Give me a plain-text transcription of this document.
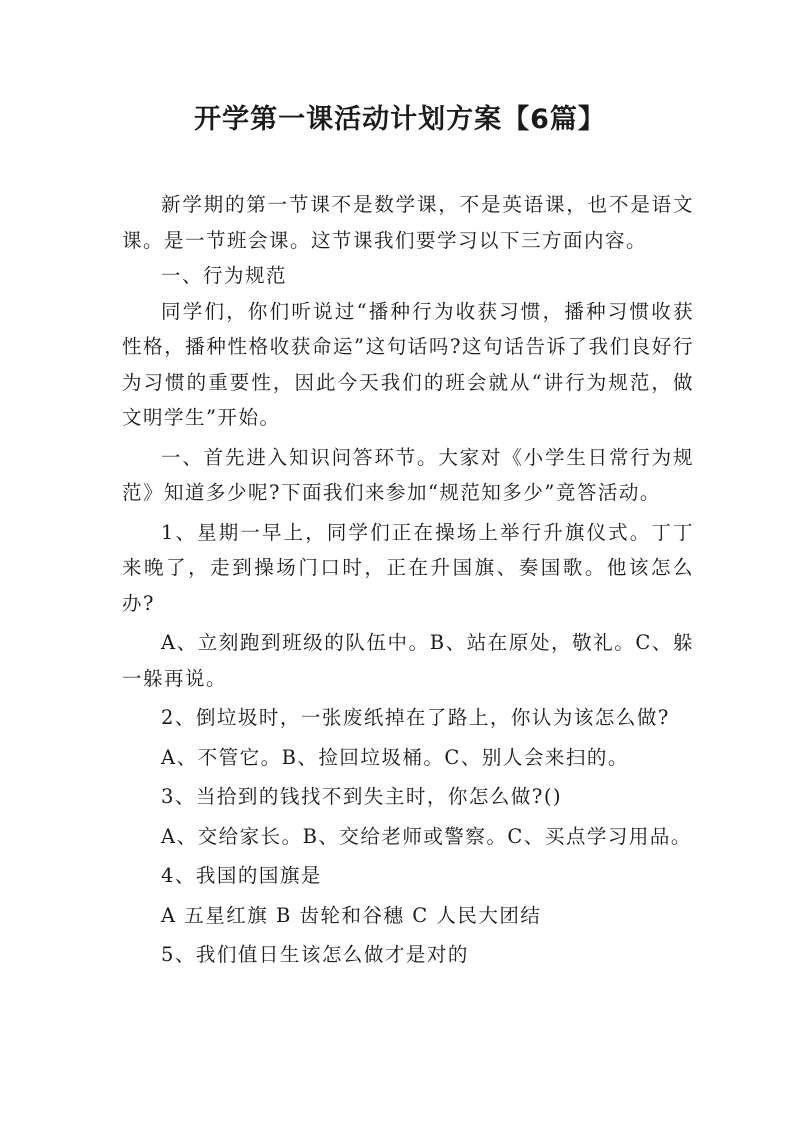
开学第一课活动计划方案【6篇】

新学期的第一节课不是数学课，不是英语课，也不是语文课。是一节班会课。这节课我们要学习以下三方面内容。

一、行为规范

同学们，你们听说过“播种行为收获习惯，播种习惯收获性格，播种性格收获命运”这句话吗?这句话告诉了我们良好行为习惯的重要性，因此今天我们的班会就从“讲行为规范，做文明学生”开始。

一、首先进入知识问答环节。大家对《小学生日常行为规范》知道多少呢?下面我们来参加“规范知多少”竟答活动。

1、星期一早上，同学们正在操场上举行升旗仪式。丁丁来晚了，走到操场门口时，正在升国旗、奏国歌。他该怎么办?

A、立刻跑到班级的队伍中。B、站在原处，敬礼。C、躲一躲再说。

2、倒垃圾时，一张废纸掉在了路上，你认为该怎么做?

A、不管它。B、捡回垃圾桶。C、别人会来扫的。

3、当拾到的钱找不到失主时，你怎么做?()

A、交给家长。B、交给老师或警察。C、买点学习用品。

4、我国的国旗是

A 五星红旗 B 齿轮和谷穗 C 人民大团结

5、我们值日生该怎么做才是对的
